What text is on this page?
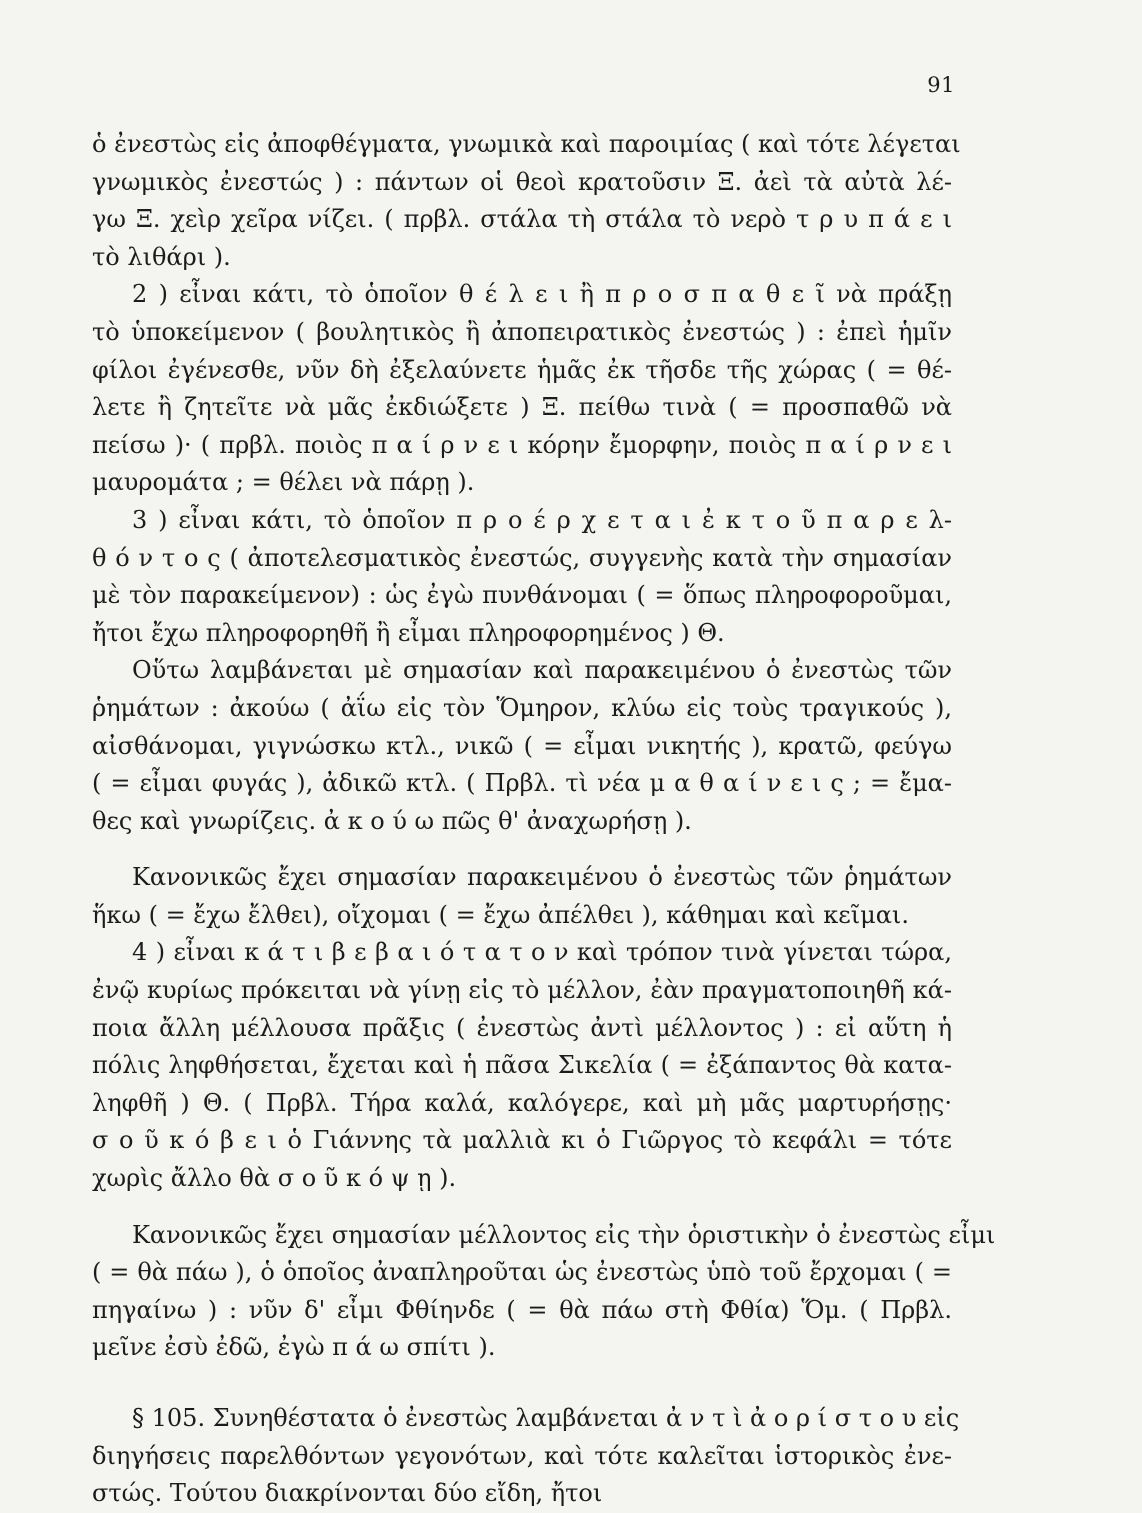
91
ὁ ἐνεστὼς εἰς ἀποφθέγματα, γνωμικὰ καὶ παροιμίας ( καὶ τότε λέγεται
γνωμικὸς ἐνεστώς ) : πάντων οἱ θεοὶ κρατοῦσιν Ξ. ἀεὶ τὰ αὐτὰ λέ-
γω Ξ. χεὶρ χεῖρα νίζει. ( πρβλ. στάλα τὴ στάλα τὸ νερὸ τ ρ υ π ά ε ι
τὸ λιθάρι ).
2 ) εἶναι κάτι, τὸ ὁποῖον θ έ λ ε ι ἢ π ρ ο σ π α θ ε ῖ νὰ πράξῃ
τὸ ὑποκείμενον ( βουλητικὸς ἢ ἀποπειρατικὸς ἐνεστώς ) : ἐπεὶ ἡμῖν
φίλοι ἐγένεσθε, νῦν δὴ ἐξελαύνετε ἡμᾶς ἐκ τῆσδε τῆς χώρας ( = θέ-
λετε ἢ ζητεῖτε νὰ μᾶς ἐκδιώξετε ) Ξ. πείθω τινὰ ( = προσπαθῶ νὰ
πείσω )· ( πρβλ. ποιὸς π α ί ρ ν ε ι κόρην ἔμορφην, ποιὸς π α ί ρ ν ε ι
μαυρομάτα ; = θέλει νὰ πάρῃ ).
3 ) εἶναι κάτι, τὸ ὁποῖον π ρ ο έ ρ χ ε τ α ι ἐ κ τ ο ῦ π α ρ ε λ-
θ ό ν τ ο ς ( ἀποτελεσματικὸς ἐνεστώς, συγγενὴς κατὰ τὴν σημασίαν
μὲ τὸν παρακείμενον) : ὡς ἐγὼ πυνθάνομαι ( = ὅπως πληροφοροῦμαι,
ἤτοι ἔχω πληροφορηθῆ ἢ εἶμαι πληροφορημένος ) Θ.
Οὕτω λαμβάνεται μὲ σημασίαν καὶ παρακειμένου ὁ ἐνεστὼς τῶν
ῥημάτων : ἀκούω ( ἀΐω εἰς τὸν Ὅμηρον, κλύω εἰς τοὺς τραγικούς ),
αἰσθάνομαι, γιγνώσκω κτλ., νικῶ ( = εἶμαι νικητής ), κρατῶ, φεύγω
( = εἶμαι φυγάς ), ἀδικῶ κτλ. ( Πρβλ. τὶ νέα μ α θ α ί ν ε ι ς ; = ἔμα-
θες καὶ γνωρίζεις. ἀ κ ο ύ ω πῶς θ' ἀναχωρήσῃ ).
Κανονικῶς ἔχει σημασίαν παρακειμένου ὁ ἐνεστὼς τῶν ῥημάτων
ἥκω ( = ἔχω ἔλθει), οἴχομαι ( = ἔχω ἀπέλθει ), κάθημαι καὶ κεῖμαι.
4 ) εἶναι κ ά τ ι β ε β α ι ό τ α τ ο ν καὶ τρόπον τινὰ γίνεται τώρα,
ἐνῷ κυρίως πρόκειται νὰ γίνῃ εἰς τὸ μέλλον, ἐὰν πραγματοποιηθῆ κά-
ποια ἄλλη μέλλουσα πρᾶξις ( ἐνεστὼς ἀντὶ μέλλοντος ) : εἰ αὕτη ἡ
πόλις ληφθήσεται, ἔχεται καὶ ἡ πᾶσα Σικελία ( = ἐξάπαντος θὰ κατα-
ληφθῆ ) Θ. ( Πρβλ. Τήρα καλά, καλόγερε, καὶ μὴ μᾶς μαρτυρήσῃς·
σ ο ῦ κ ό β ε ι ὁ Γιάννης τὰ μαλλιὰ κι ὁ Γιῶργος τὸ κεφάλι = τότε
χωρὶς ἄλλο θὰ σ ο ῦ κ ό ψ ῃ ).
Κανονικῶς ἔχει σημασίαν μέλλοντος εἰς τὴν ὁριστικὴν ὁ ἐνεστὼς εἶμι
( = θὰ πάω ), ὁ ὁποῖος ἀναπληροῦται ὡς ἐνεστὼς ὑπὸ τοῦ ἔρχομαι ( =
πηγαίνω ) : νῦν δ' εἶμι Φθίηνδε ( = θὰ πάω στὴ Φθία) Ὅμ. ( Πρβλ.
μεῖνε ἐσὺ ἐδῶ, ἐγὼ π ά ω σπίτι ).
§ 105. Συνηθέστατα ὁ ἐνεστὼς λαμβάνεται ἀ ν τ ὶ ἀ ο ρ ί σ τ ο υ εἰς
διηγήσεις παρελθόντων γεγονότων, καὶ τότε καλεῖται ἱστορικὸς ἐνε-
στώς. Τούτου διακρίνονται δύο εἴδη, ἤτοι
